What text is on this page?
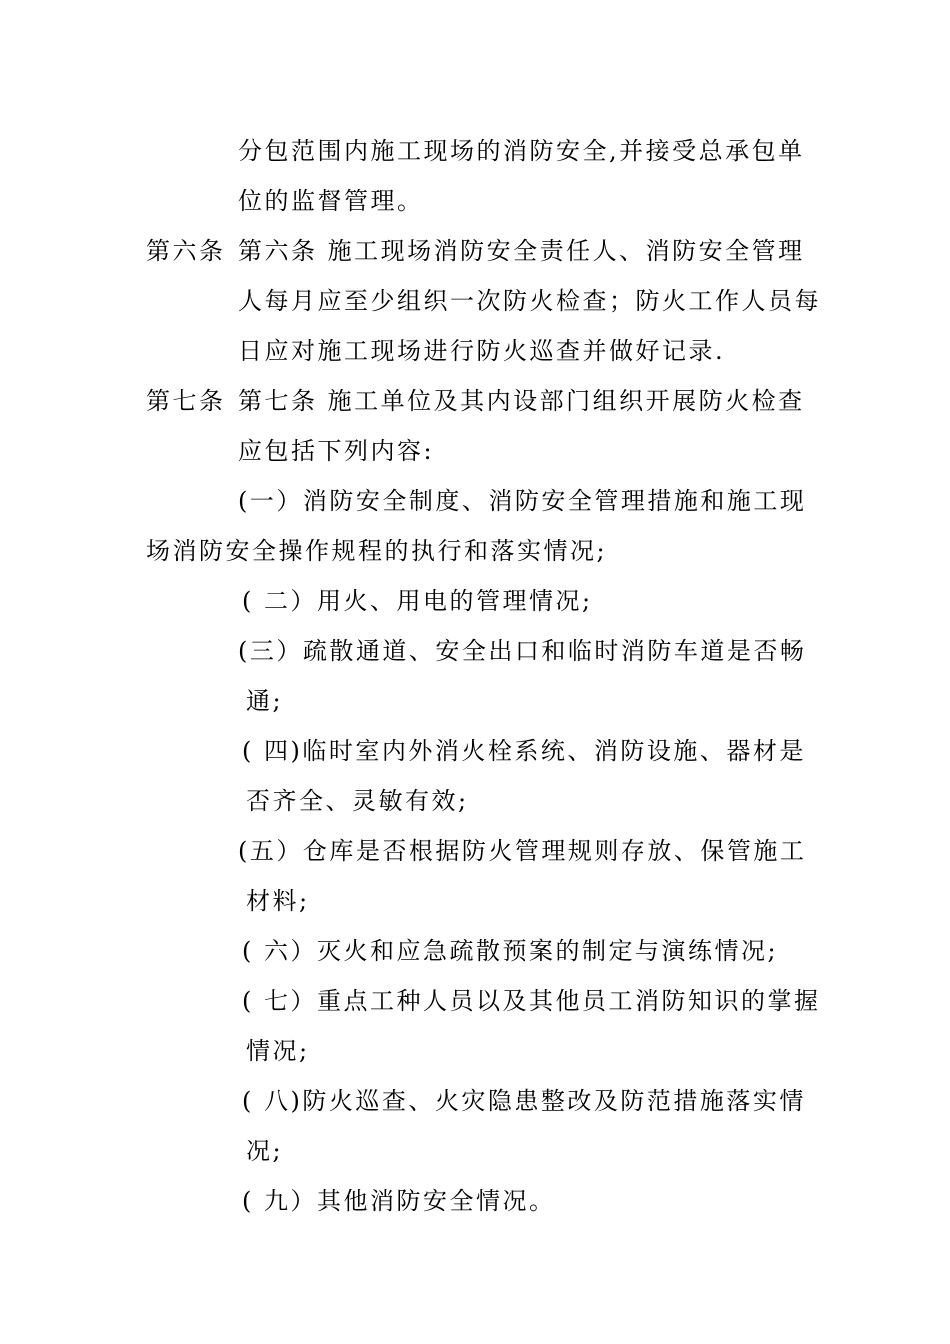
分包范围内施工现场的消防安全,并接受总承包单
位的监督管理。
第六条 第六条 施工现场消防安全责任人、消防安全管理
人每月应至少组织一次防火检查；防火工作人员每
日应对施工现场进行防火巡查并做好记录.
第七条 第七条 施工单位及其内设部门组织开展防火检查
应包括下列内容:
(一）消防安全制度、消防安全管理措施和施工现
场消防安全操作规程的执行和落实情况;
( 二）用火、用电的管理情况;
(三）疏散通道、安全出口和临时消防车道是否畅
通;
( 四)临时室内外消火栓系统、消防设施、器材是
否齐全、灵敏有效;
(五）仓库是否根据防火管理规则存放、保管施工
材料;
( 六）灭火和应急疏散预案的制定与演练情况;
( 七）重点工种人员以及其他员工消防知识的掌握
情况;
( 八)防火巡查、火灾隐患整改及防范措施落实情
况;
( 九）其他消防安全情况。
